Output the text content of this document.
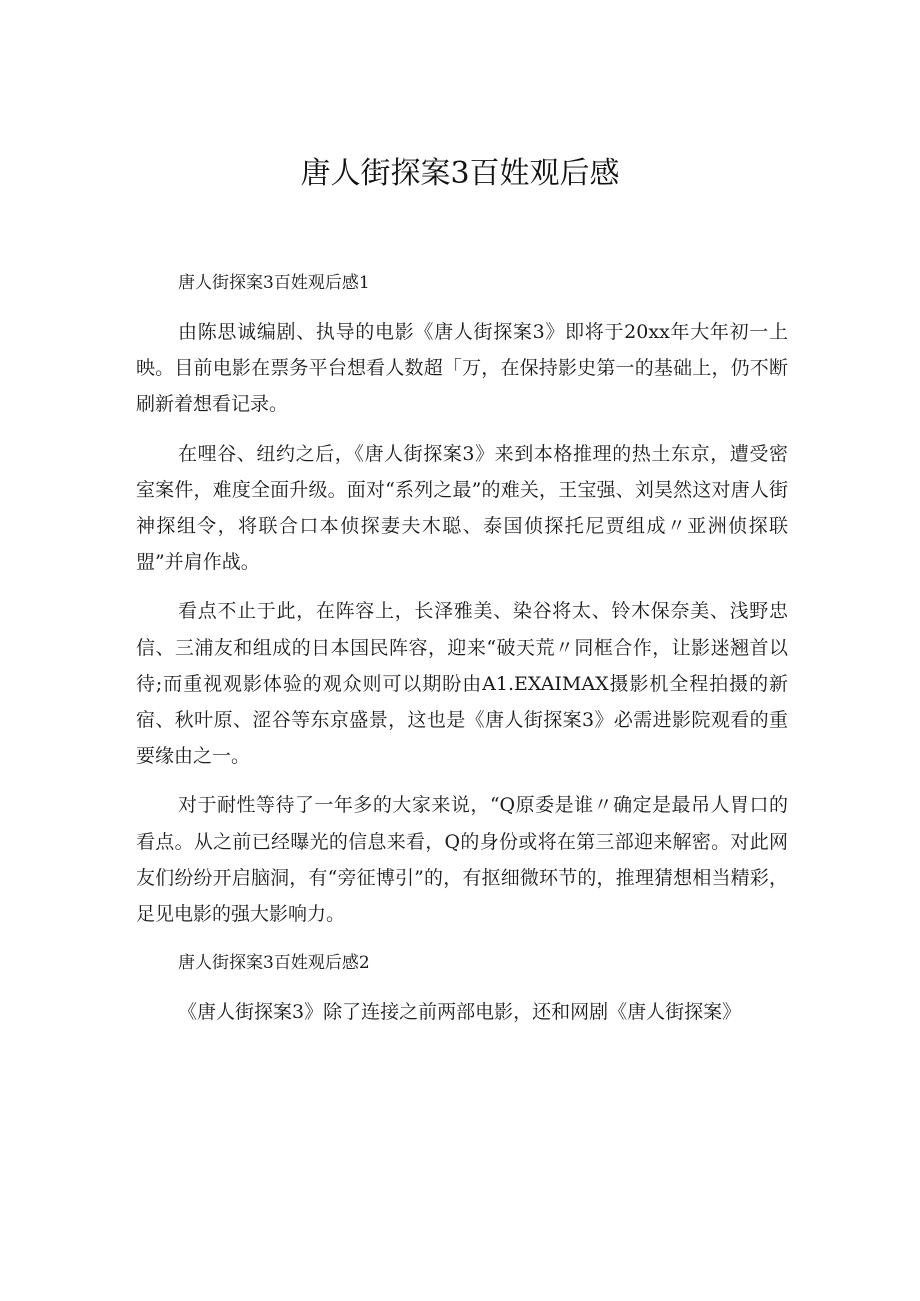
唐人街探案3百姓观后感
唐人街探案3百姓观后感1

由陈思诚编剧、执导的电影《唐人街探案3》即将于20xx年大年初一上映。目前电影在票务平台想看人数超「万，在保持影史第一的基础上，仍不断刷新着想看记录。

在哩谷、纽约之后，《唐人街探案3》来到本格推理的热土东京，遭受密室案件，难度全面升级。面对“系列之最”的难关，王宝强、刘昊然这对唐人街神探组令，将联合口本侦探妻夫木聪、泰国侦探托尼贾组成〃亚洲侦探联盟”并肩作战。

看点不止于此，在阵容上，长泽雅美、染谷将太、铃木保奈美、浅野忠信、三浦友和组成的日本国民阵容，迎来“破天荒〃同框合作，让影迷翘首以待;而重视观影体验的观众则可以期盼由A1.EXAIMAX摄影机全程拍摄的新宿、秋叶原、涩谷等东京盛景，这也是《唐人街探案3》必需进影院观看的重要缘由之一。

对于耐性等待了一年多的大家来说，“Q原委是谁〃确定是最吊人胃口的看点。从之前已经曝光的信息来看，Q的身份或将在第三部迎来解密。对此网友们纷纷开启脑洞，有“旁征博引”的，有抠细微环节的，推理猜想相当精彩，足见电影的强大影响力。

唐人街探案3百姓观后感2

《唐人街探案3》除了连接之前两部电影，还和网剧《唐人街探案》
